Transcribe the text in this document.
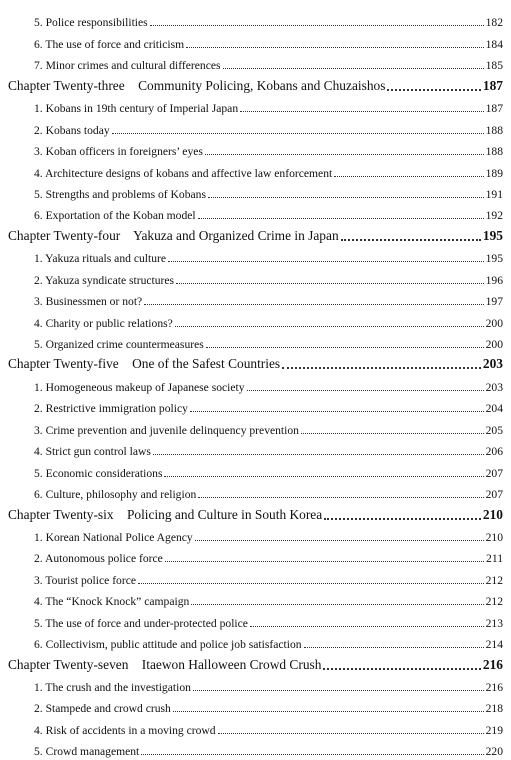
5. Police responsibilities	182
6. The use of force and criticism	184
7. Minor crimes and cultural differences	185
Chapter Twenty-three    Community Policing, Kobans and Chuzaishos	187
1. Kobans in 19th century of Imperial Japan	187
2. Kobans today	188
3. Koban officers in foreigners’ eyes	188
4. Architecture designs of kobans and affective law enforcement	189
5. Strengths and problems of Kobans	191
6. Exportation of the Koban model	192
Chapter Twenty-four    Yakuza and Organized Crime in Japan	195
1. Yakuza rituals and culture	195
2. Yakuza syndicate structures	196
3. Businessmen or not?	197
4. Charity or public relations?	200
5. Organized crime countermeasures	200
Chapter Twenty-five    One of the Safest Countries	203
1. Homogeneous makeup of Japanese society	203
2. Restrictive immigration policy	204
3. Crime prevention and juvenile delinquency prevention	205
4. Strict gun control laws	206
5. Economic considerations	207
6. Culture, philosophy and religion	207
Chapter Twenty-six    Policing and Culture in South Korea	210
1. Korean National Police Agency	210
2. Autonomous police force	211
3. Tourist police force	212
4. The “Knock Knock” campaign	212
5. The use of force and under-protected police	213
6. Collectivism, public attitude and police job satisfaction	214
Chapter Twenty-seven    Itaewon Halloween Crowd Crush	216
1. The crush and the investigation	216
2. Stampede and crowd crush	218
4. Risk of accidents in a moving crowd	219
5. Crowd management	220
